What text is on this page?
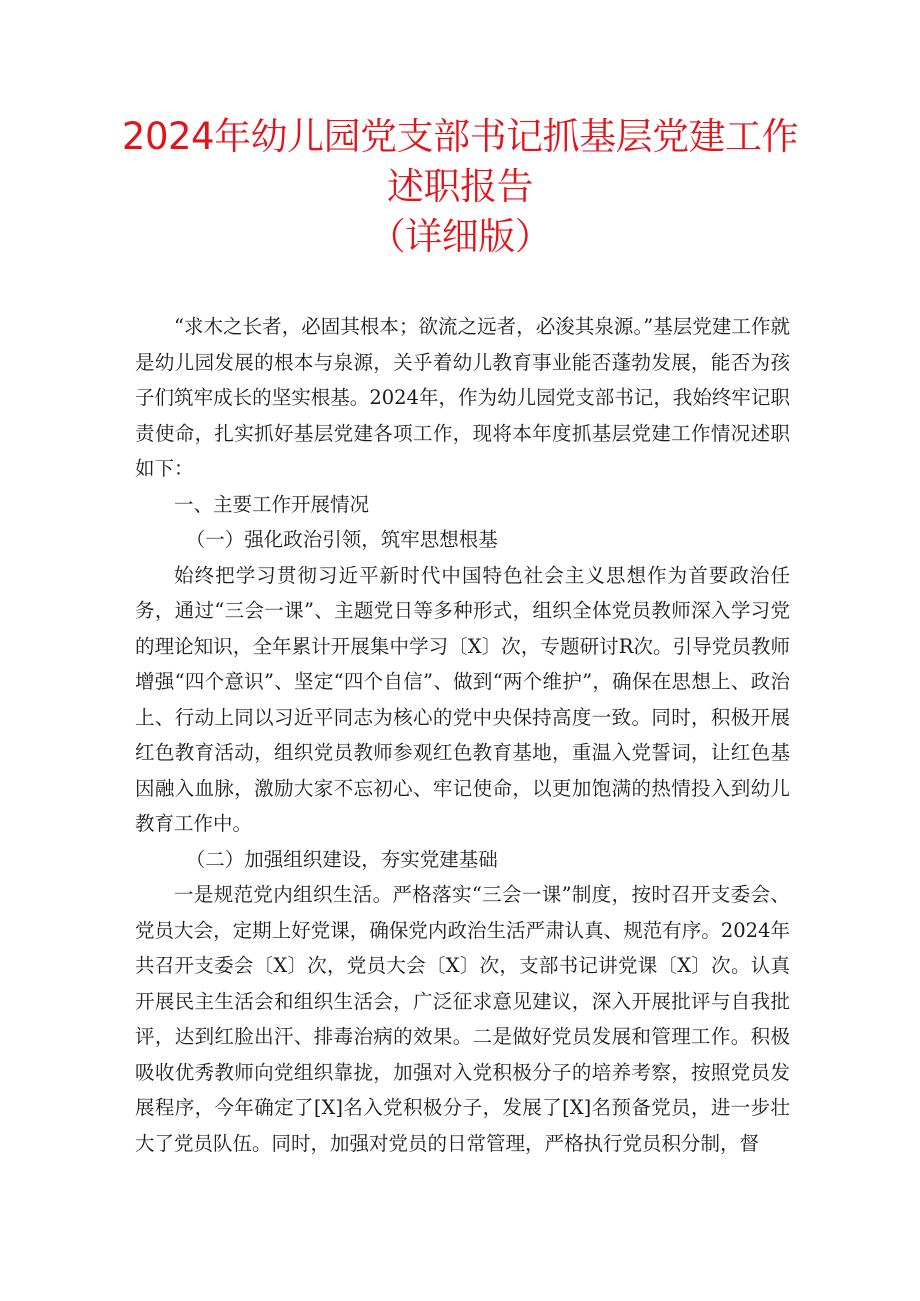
2024年幼儿园党支部书记抓基层党建工作
述职报告
（详细版）

“求木之长者，必固其根本；欲流之远者，必浚其泉源。”基层党建工作就是幼儿园发展的根本与泉源，关乎着幼儿教育事业能否蓬勃发展，能否为孩子们筑牢成长的坚实根基。2024年，作为幼儿园党支部书记，我始终牢记职责使命，扎实抓好基层党建各项工作，现将本年度抓基层党建工作情况述职如下：

一、主要工作开展情况

（一）强化政治引领，筑牢思想根基

始终把学习贯彻习近平新时代中国特色社会主义思想作为首要政治任务，通过“三会一课”、主题党日等多种形式，组织全体党员教师深入学习党的理论知识，全年累计开展集中学习〔X〕次，专题研讨R次。引导党员教师增强“四个意识”、坚定“四个自信”、做到“两个维护”，确保在思想上、政治上、行动上同以习近平同志为核心的党中央保持高度一致。同时，积极开展红色教育活动，组织党员教师参观红色教育基地，重温入党誓词，让红色基因融入血脉，激励大家不忘初心、牢记使命，以更加饱满的热情投入到幼儿教育工作中。

（二）加强组织建设，夯实党建基础

一是规范党内组织生活。严格落实“三会一课”制度，按时召开支委会、党员大会，定期上好党课，确保党内政治生活严肃认真、规范有序。2024年共召开支委会〔X〕次，党员大会〔X〕次，支部书记讲党课〔X〕次。认真开展民主生活会和组织生活会，广泛征求意见建议，深入开展批评与自我批评，达到红脸出汗、排毒治病的效果。二是做好党员发展和管理工作。积极吸收优秀教师向党组织靠拢，加强对入党积极分子的培养考察，按照党员发展程序，今年确定了[X]名入党积极分子，发展了[X]名预备党员，进一步壮大了党员队伍。同时，加强对党员的日常管理，严格执行党员积分制，督
